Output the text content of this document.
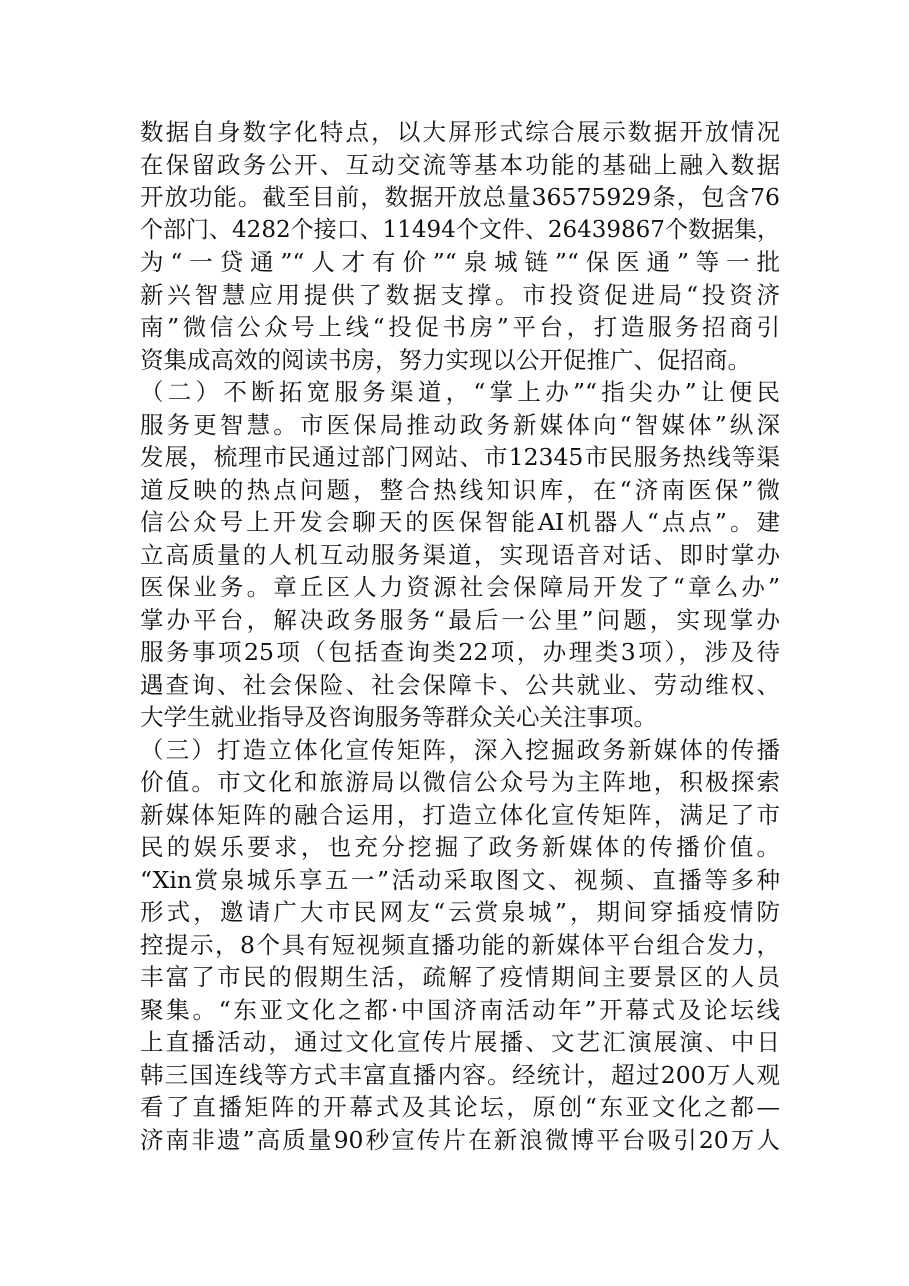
数据自身数字化特点，以大屏形式综合展示数据开放情况
在保留政务公开、互动交流等基本功能的基础上融入数据
开放功能。截至目前，数据开放总量36575929条，包含76
个部门、4282个接口、11494个文件、26439867个数据集，
为“一贷通”“人才有价”“泉城链”“保医通”等一批
新兴智慧应用提供了数据支撑。市投资促进局“投资济
南”微信公众号上线“投促书房”平台，打造服务招商引
资集成高效的阅读书房，努力实现以公开促推广、促招商。
（二）不断拓宽服务渠道，“掌上办”“指尖办”让便民
服务更智慧。市医保局推动政务新媒体向“智媒体”纵深
发展，梳理市民通过部门网站、市12345市民服务热线等渠
道反映的热点问题，整合热线知识库，在“济南医保”微
信公众号上开发会聊天的医保智能AI机器人“点点”。建
立高质量的人机互动服务渠道，实现语音对话、即时掌办
医保业务。章丘区人力资源社会保障局开发了“章么办”
掌办平台，解决政务服务“最后一公里”问题，实现掌办
服务事项25项（包括查询类22项，办理类3项），涉及待
遇查询、社会保险、社会保障卡、公共就业、劳动维权、
大学生就业指导及咨询服务等群众关心关注事项。
（三）打造立体化宣传矩阵，深入挖掘政务新媒体的传播
价值。市文化和旅游局以微信公众号为主阵地，积极探索
新媒体矩阵的融合运用，打造立体化宣传矩阵，满足了市
民的娱乐要求，也充分挖掘了政务新媒体的传播价值。
“Xin赏泉城乐享五一”活动采取图文、视频、直播等多种
形式，邀请广大市民网友“云赏泉城”，期间穿插疫情防
控提示，8个具有短视频直播功能的新媒体平台组合发力，
丰富了市民的假期生活，疏解了疫情期间主要景区的人员
聚集。“东亚文化之都·中国济南活动年”开幕式及论坛线
上直播活动，通过文化宣传片展播、文艺汇演展演、中日
韩三国连线等方式丰富直播内容。经统计，超过200万人观
看了直播矩阵的开幕式及其论坛，原创“东亚文化之都—
济南非遗”高质量90秒宣传片在新浪微博平台吸引20万人
